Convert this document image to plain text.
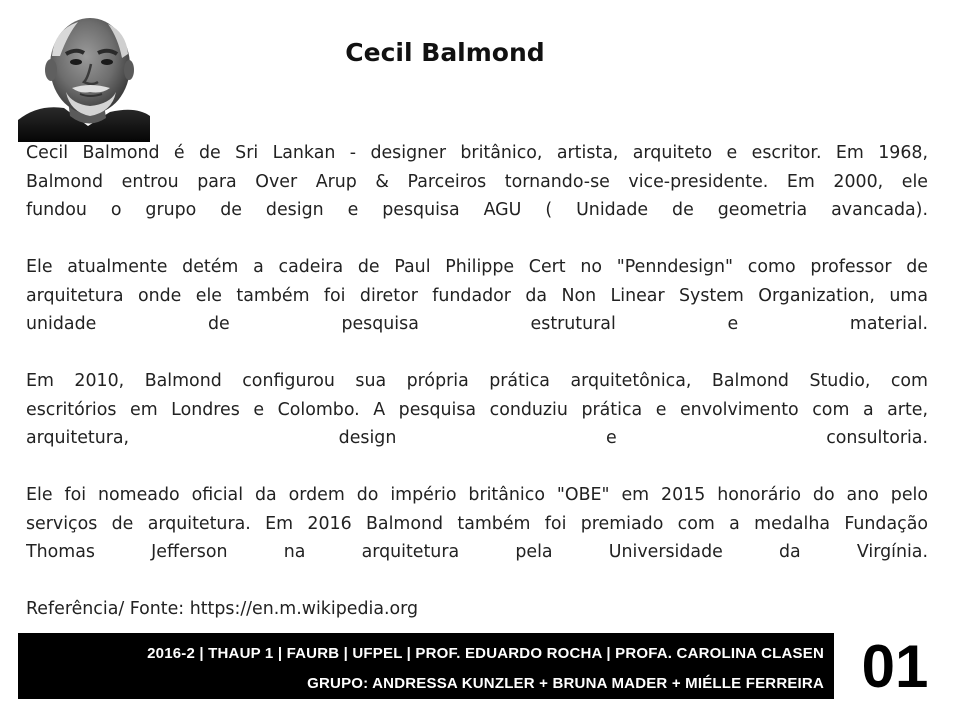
Cecil Balmond

Cecil Balmond é de Sri Lankan - designer britânico, artista, arquiteto e escritor. Em 1968,
Balmond entrou para Over Arup & Parceiros tornando-se vice-presidente. Em 2000, ele
fundou o grupo de design e pesquisa AGU ( Unidade de geometria avancada).

Ele atualmente detém a cadeira de Paul Philippe Cert no "Penndesign" como professor de
arquitetura onde ele também foi diretor fundador da Non Linear System Organization, uma
unidade de pesquisa estrutural e material.

Em 2010, Balmond configurou sua própria prática arquitetônica, Balmond Studio, com
escritórios em Londres e Colombo. A pesquisa conduziu prática e envolvimento com a arte,
arquitetura, design e consultoria.

Ele foi nomeado oficial da ordem do império britânico "OBE" em 2015 honorário do ano pelo
serviços de arquitetura. Em 2016 Balmond também foi premiado com a medalha Fundação
Thomas Jefferson na arquitetura pela Universidade da Virgínia.

Referência/ Fonte: https://en.m.wikipedia.org

2016-2 | THAUP 1 | FAURB | UFPEL | PROF. EDUARDO ROCHA | PROFA. CAROLINA CLASEN
GRUPO: ANDRESSA KUNZLER + BRUNA MADER + MIÉLLE FERREIRA 01
